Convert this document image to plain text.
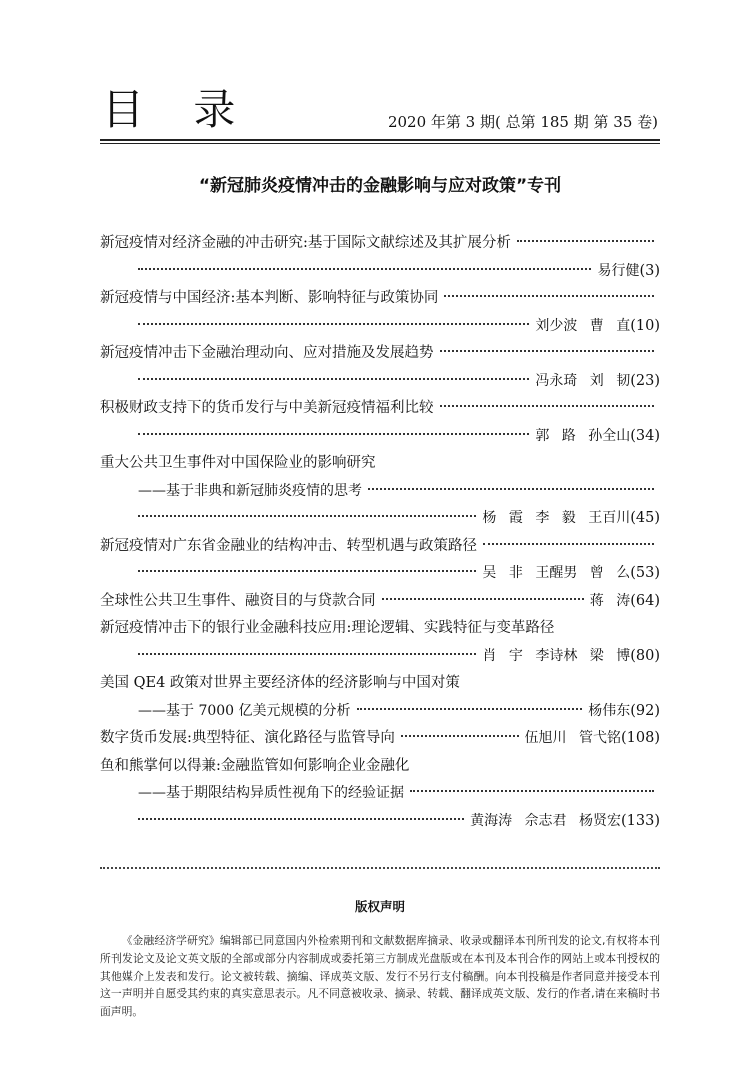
目 录	2020 年第 3 期( 总第 185 期 第 35 卷)
“新冠肺炎疫情冲击的金融影响与应对政策”专刊
新冠疫情对经济金融的冲击研究:基于国际文献综述及其扩展分析
易行健 (3)
新冠疫情与中国经济:基本判断、影响特征与政策协同
刘少波 曹 直 (10)
新冠疫情冲击下金融治理动向、应对措施及发展趋势
冯永琦 刘 韧 (23)
积极财政支持下的货币发行与中美新冠疫情福利比较
郭 路 孙全山 (34)
重大公共卫生事件对中国保险业的影响研究
——基于非典和新冠肺炎疫情的思考
杨 霞 李 毅 王百川 (45)
新冠疫情对广东省金融业的结构冲击、转型机遇与政策路径
吴 非 王醒男 曾 么 (53)
全球性公共卫生事件、融资目的与贷款合同	蒋 涛 (64)
新冠疫情冲击下的银行业金融科技应用:理论逻辑、实践特征与变革路径
肖 宇 李诗林 梁 博 (80)
美国 QE4 政策对世界主要经济体的经济影响与中国对策
——基于 7000 亿美元规模的分析	杨伟东 (92)
数字货币发展:典型特征、演化路径与监管导向	伍旭川 管弋铭 (108)
鱼和熊掌何以得兼:金融监管如何影响企业金融化
——基于期限结构异质性视角下的经验证据
黄海涛 佘志君 杨贤宏 (133)
版权声明

《金融经济学研究》编辑部已同意国内外检索期刊和文献数据库摘录、收录或翻译本刊所刊发的论文,有权将本刊所刊发论文及论文英文版的全部或部分内容制成或委托第三方制成光盘版或在本刊及本刊合作的网站上或本刊授权的其他媒介上发表和发行。论文被转载、摘编、译成英文版、发行不另行支付稿酬。向本刊投稿是作者同意并接受本刊这一声明并自愿受其约束的真实意思表示。凡不同意被收录、摘录、转载、翻译成英文版、发行的作者,请在来稿时书面声明。
